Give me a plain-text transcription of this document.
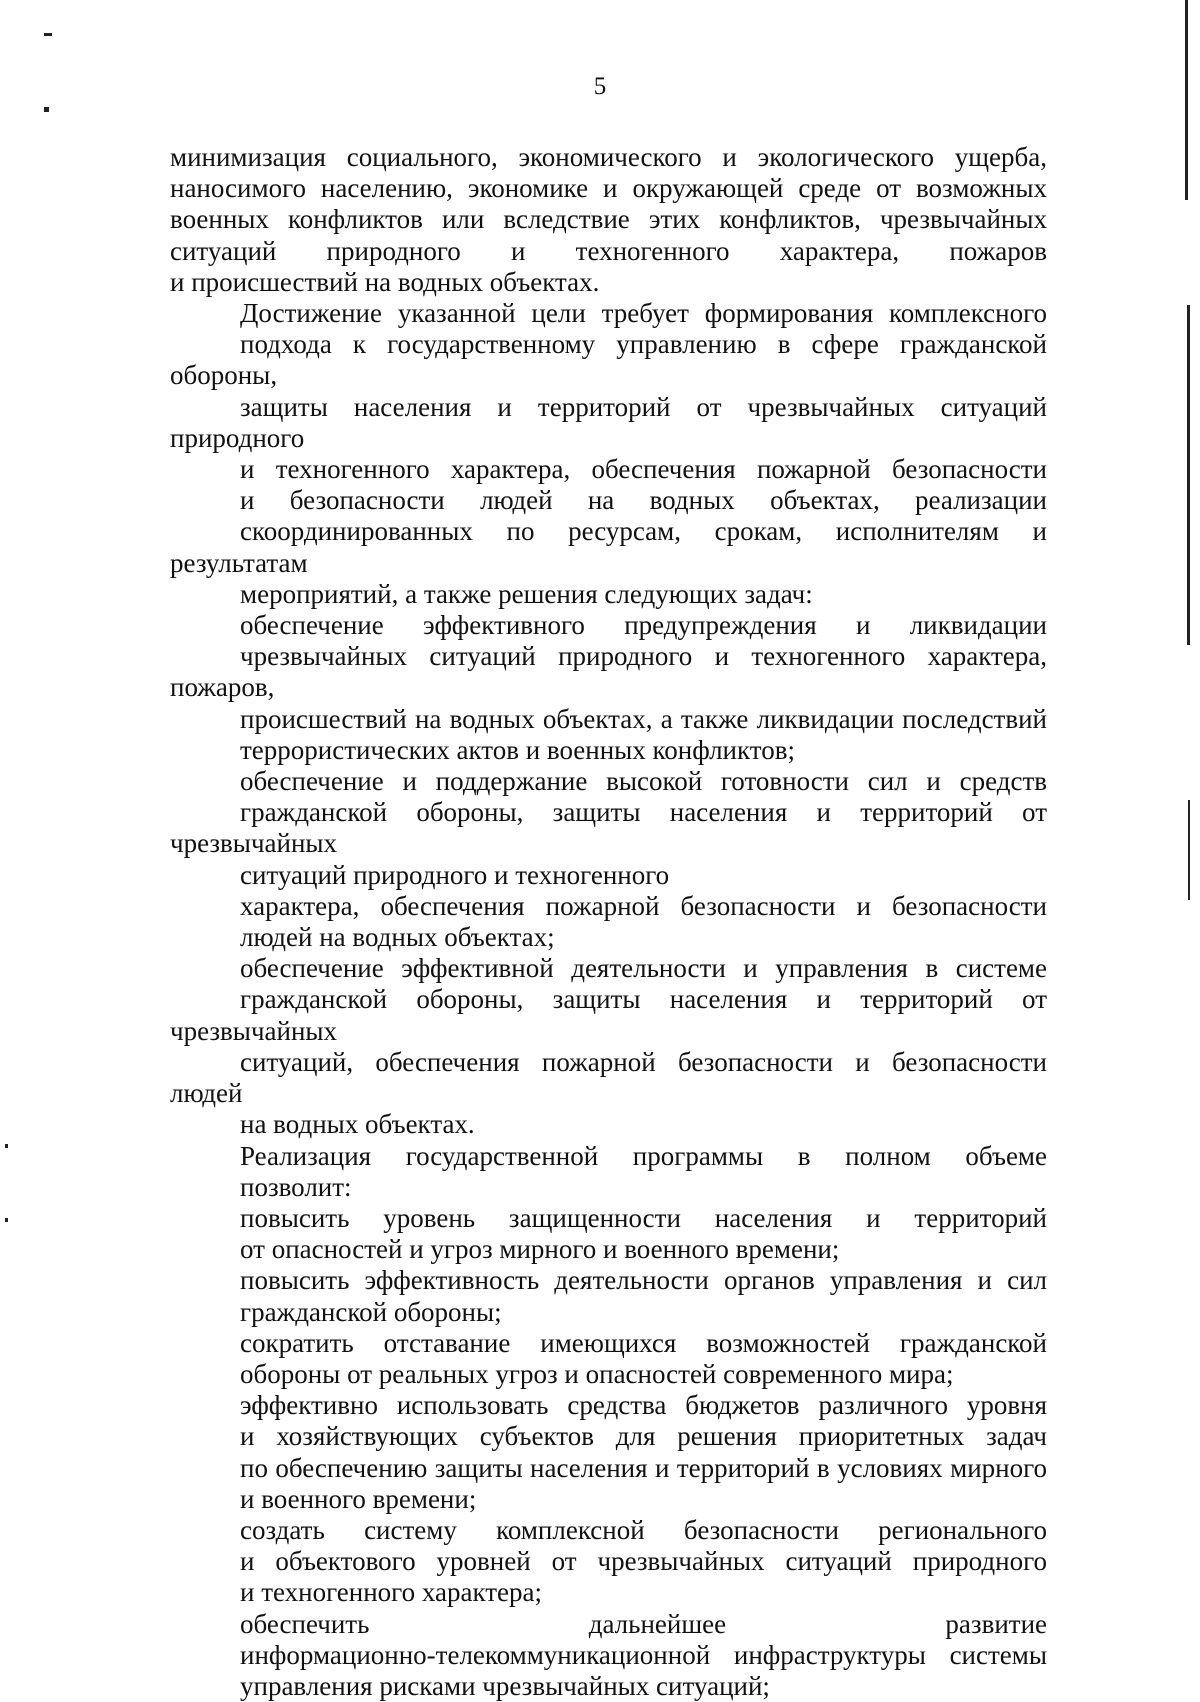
5
минимизация социального, экономического и экологического ущерба,
наносимого населению, экономике и окружающей среде от возможных
военных конфликтов или вследствие этих конфликтов, чрезвычайных
ситуаций природного и техногенного характера, пожаров
и происшествий на водных объектах.
Достижение указанной цели требует формирования комплексного
подхода к государственному управлению в сфере гражданской обороны,
защиты населения и территорий от чрезвычайных ситуаций природного
и техногенного характера, обеспечения пожарной безопасности
и безопасности людей на водных объектах, реализации
скоординированных по ресурсам, срокам, исполнителям и результатам
мероприятий, а также решения следующих задач:
обеспечение эффективного предупреждения и ликвидации
чрезвычайных ситуаций природного и техногенного характера, пожаров,
происшествий на водных объектах, а также ликвидации последствий
террористических актов и военных конфликтов;
обеспечение и поддержание высокой готовности сил и средств
гражданской обороны, защиты населения и территорий от чрезвычайных
ситуаций природного и техногенного
характера, обеспечения пожарной безопасности и безопасности
людей на водных объектах;
обеспечение эффективной деятельности и управления в системе
гражданской обороны, защиты населения и территорий от чрезвычайных
ситуаций, обеспечения пожарной безопасности и безопасности людей
на водных объектах.
Реализация государственной программы в полном объеме
позволит:
повысить уровень защищенности населения и территорий
от опасностей и угроз мирного и военного времени;
повысить эффективность деятельности органов управления и сил
гражданской обороны;
сократить отставание имеющихся возможностей гражданской
обороны от реальных угроз и опасностей современного мира;
эффективно использовать средства бюджетов различного уровня
и хозяйствующих субъектов для решения приоритетных задач
по обеспечению защиты населения и территорий в условиях мирного
и военного времени;
создать систему комплексной безопасности регионального
и объектового уровней от чрезвычайных ситуаций природного
и техногенного характера;
обеспечить дальнейшее развитие
информационно-телекоммуникационной инфраструктуры системы
управления рисками чрезвычайных ситуаций;
